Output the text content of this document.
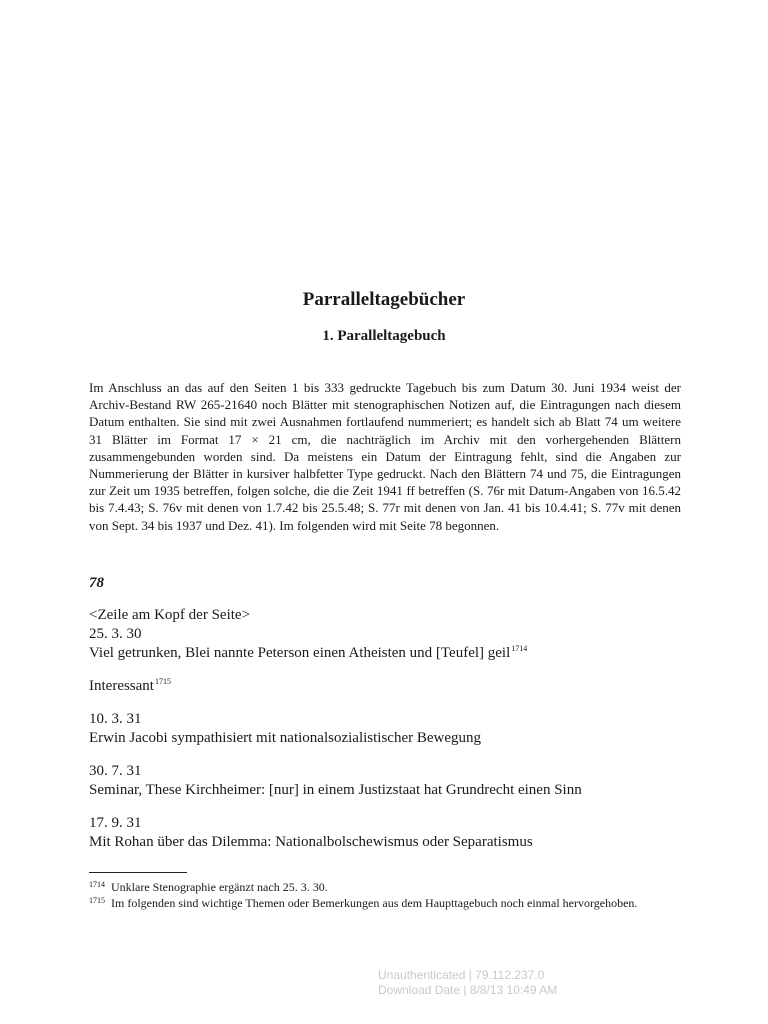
Parralleltagebücher
1. Paralleltagebuch

Im Anschluss an das auf den Seiten 1 bis 333 gedruckte Tagebuch bis zum Datum 30. Juni 1934 weist der Archiv-Bestand RW 265-21640 noch Blätter mit stenographischen Notizen auf, die Eintragungen nach diesem Datum enthalten. Sie sind mit zwei Ausnahmen fortlaufend nummeriert; es handelt sich ab Blatt 74 um weitere 31 Blätter im Format 17 × 21 cm, die nachträglich im Archiv mit den vorhergehenden Blättern zusammengebunden worden sind. Da meistens ein Datum der Eintragung fehlt, sind die Angaben zur Nummerierung der Blätter in kursiver halbfetter Type gedruckt. Nach den Blättern 74 und 75, die Eintragungen zur Zeit um 1935 betreffen, folgen solche, die die Zeit 1941 ff betreffen (S. 76r mit Datum-Angaben von 16.5.42 bis 7.4.43; S. 76v mit denen von 1.7.42 bis 25.5.48; S. 77r mit denen von Jan. 41 bis 10.4.41; S. 77v mit denen von Sept. 34 bis 1937 und Dez. 41). Im folgenden wird mit Seite 78 begonnen.

78
<Zeile am Kopf der Seite>
25. 3. 30
Viel getrunken, Blei nannte Peterson einen Atheisten und [Teufel] geil$^{1714}$
Interessant$^{1715}$
10. 3. 31
Erwin Jacobi sympathisiert mit nationalsozialistischer Bewegung
30. 7. 31
Seminar, These Kirchheimer: [nur] in einem Justizstaat hat Grundrecht einen Sinn
17. 9. 31
Mit Rohan über das Dilemma: Nationalbolschewismus oder Separatismus
1714 Unklare Stenographie ergänzt nach 25. 3. 30.
1715 Im folgenden sind wichtige Themen oder Bemerkungen aus dem Haupttagebuch noch einmal hervorgehoben.
Unauthenticated | 79.112.237.0
Download Date | 8/8/13 10:49 AM
